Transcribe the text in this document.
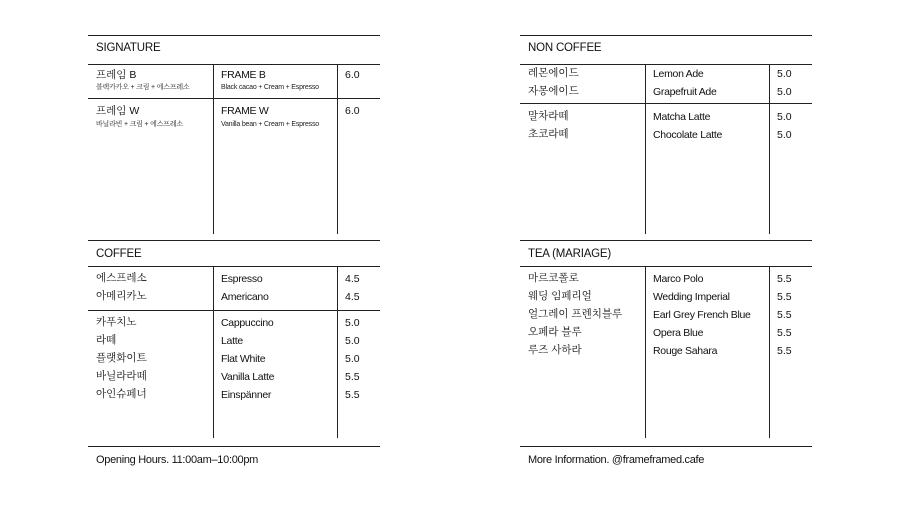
SIGNATURE
프레임 B
블랙카카오 + 크림 + 에스프레소
FRAME B
Black cacao + Cream + Espresso
6.0
프레임 W
바닐라빈 + 크림 + 에스프레소
FRAME W
Vanilla bean + Cream + Espresso
6.0
NON COFFEE
레몬에이드	Lemon Ade	5.0
자몽에이드	Grapefruit Ade	5.0
말차라떼	Matcha Latte	5.0
초코라떼	Chocolate Latte	5.0
COFFEE
에스프레소	Espresso	4.5
아메리카노	Americano	4.5
카푸치노	Cappuccino	5.0
라떼	Latte	5.0
플랫화이트	Flat White	5.0
바닐라라떼	Vanilla Latte	5.5
아인슈페너	Einspänner	5.5
TEA (MARIAGE)
마르코폴로	Marco Polo	5.5
웨딩 임페리얼	Wedding Imperial	5.5
얼그레이 프렌치블루	Earl Grey French Blue	5.5
오페라 블루	Opera Blue	5.5
루즈 사하라	Rouge Sahara	5.5
Opening Hours. 11:00am–10:00pm	More Information. @frameframed.cafe
